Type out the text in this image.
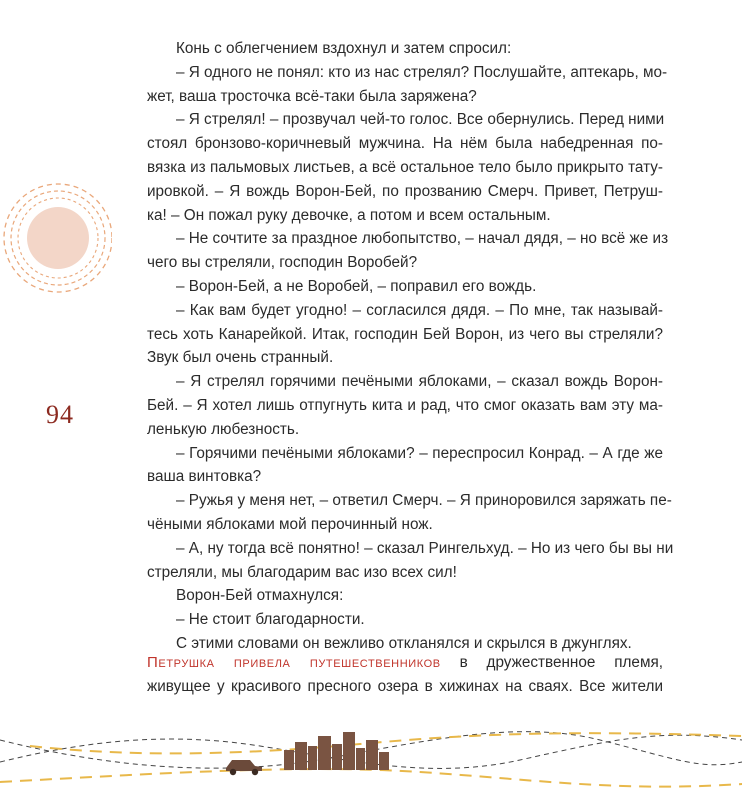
94
Конь с облегчением вздохнул и затем спросил:
– Я одного не понял: кто из нас стрелял? Послушайте, аптекарь, мо-
жет, ваша тросточка всё-таки была заряжена?
– Я стрелял! – прозвучал чей-то голос. Все обернулись. Перед ними
стоял бронзово-коричневый мужчина. На нём была набедренная по-
вязка из пальмовых листьев, а всё остальное тело было прикрыто тату-
ировкой. – Я вождь Ворон-Бей, по прозванию Смерч. Привет, Петруш-
ка! – Он пожал руку девочке, а потом и всем остальным.
– Не сочтите за праздное любопытство, – начал дядя, – но всё же из
чего вы стреляли, господин Воробей?
– Ворон-Бей, а не Воробей, – поправил его вождь.
– Как вам будет угодно! – согласился дядя. – По мне, так называй-
тесь хоть Канарейкой. Итак, господин Бей Ворон, из чего вы стреляли?
Звук был очень странный.
– Я стрелял горячими печёными яблоками, – сказал вождь Ворон-
Бей. – Я хотел лишь отпугнуть кита и рад, что смог оказать вам эту ма-
ленькую любезность.
– Горячими печёными яблоками? – переспросил Конрад. – А где же
ваша винтовка?
– Ружья у меня нет, – ответил Смерч. – Я приноровился заряжать пе-
чёными яблоками мой перочинный нож.
– А, ну тогда всё понятно! – сказал Рингельхуд. – Но из чего бы вы ни
стреляли, мы благодарим вас изо всех сил!
Ворон-Бей отмахнулся:
– Не стоит благодарности.
С этими словами он вежливо откланялся и скрылся в джунглях.
Петрушка привела путешественников в дружественное племя,
живущее у красивого пресного озера в хижинах на сваях. Все жители
